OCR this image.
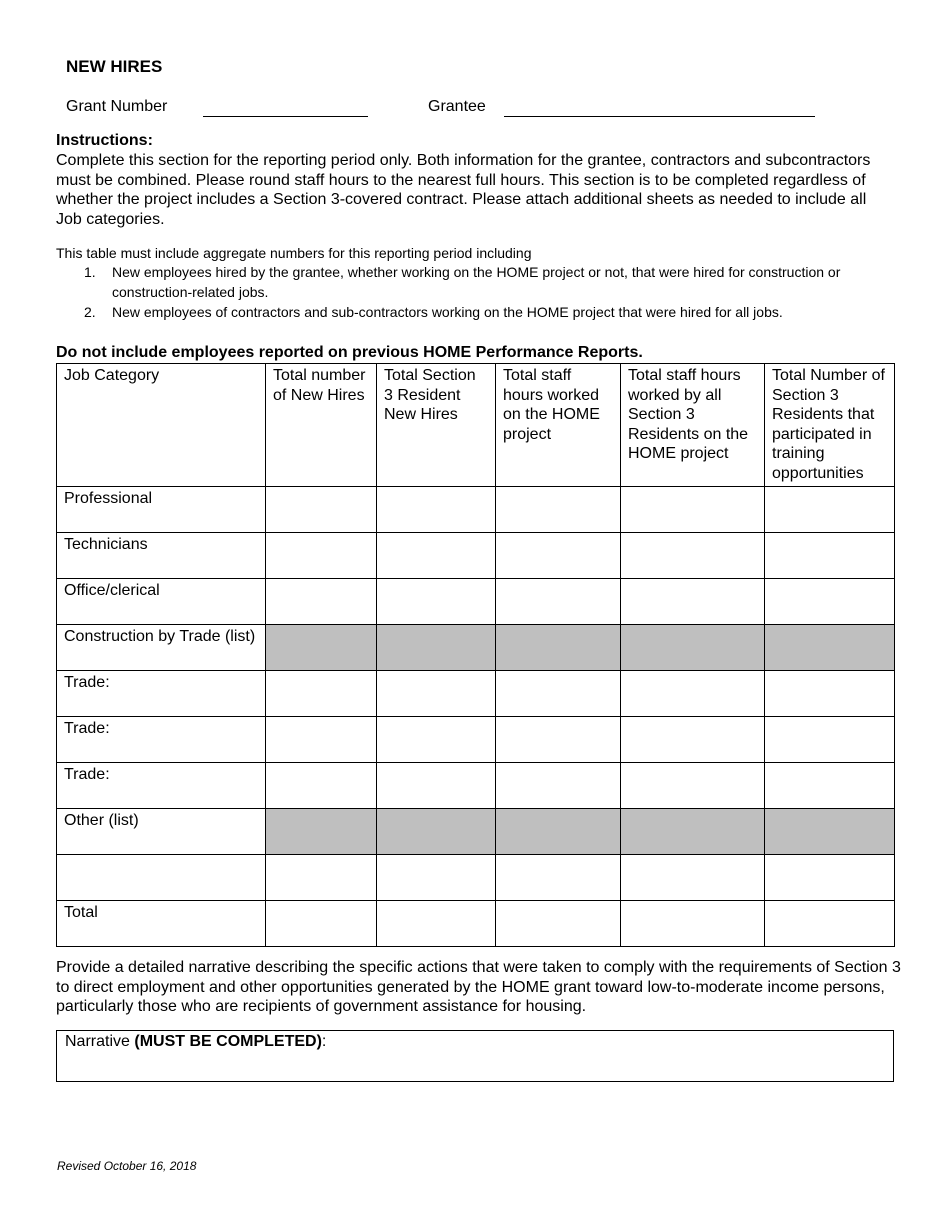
NEW HIRES
Grant Number	Grantee
Instructions:
Complete this section for the reporting period only. Both information for the grantee, contractors and subcontractors must be combined. Please round staff hours to the nearest full hours. This section is to be completed regardless of whether the project includes a Section 3-covered contract. Please attach additional sheets as needed to include all Job categories.
This table must include aggregate numbers for this reporting period including
1. New employees hired by the grantee, whether working on the HOME project or not, that were hired for construction or construction-related jobs.
2. New employees of contractors and sub-contractors working on the HOME project that were hired for all jobs.
Do not include employees reported on previous HOME Performance Reports.
Job Category	Total number of New Hires	Total Section 3 Resident New Hires	Total staff hours worked on the HOME project	Total staff hours worked by all Section 3 Residents on the HOME project	Total Number of Section 3 Residents that participated in training opportunities
Professional					
Technicians					
Office/clerical					
Construction by Trade (list)					
Trade:					
Trade:					
Trade:					
Other (list)					

Total					
Provide a detailed narrative describing the specific actions that were taken to comply with the requirements of Section 3 to direct employment and other opportunities generated by the HOME grant toward low-to-moderate income persons, particularly those who are recipients of government assistance for housing.
Narrative (MUST BE COMPLETED):
Revised October 16, 2018
